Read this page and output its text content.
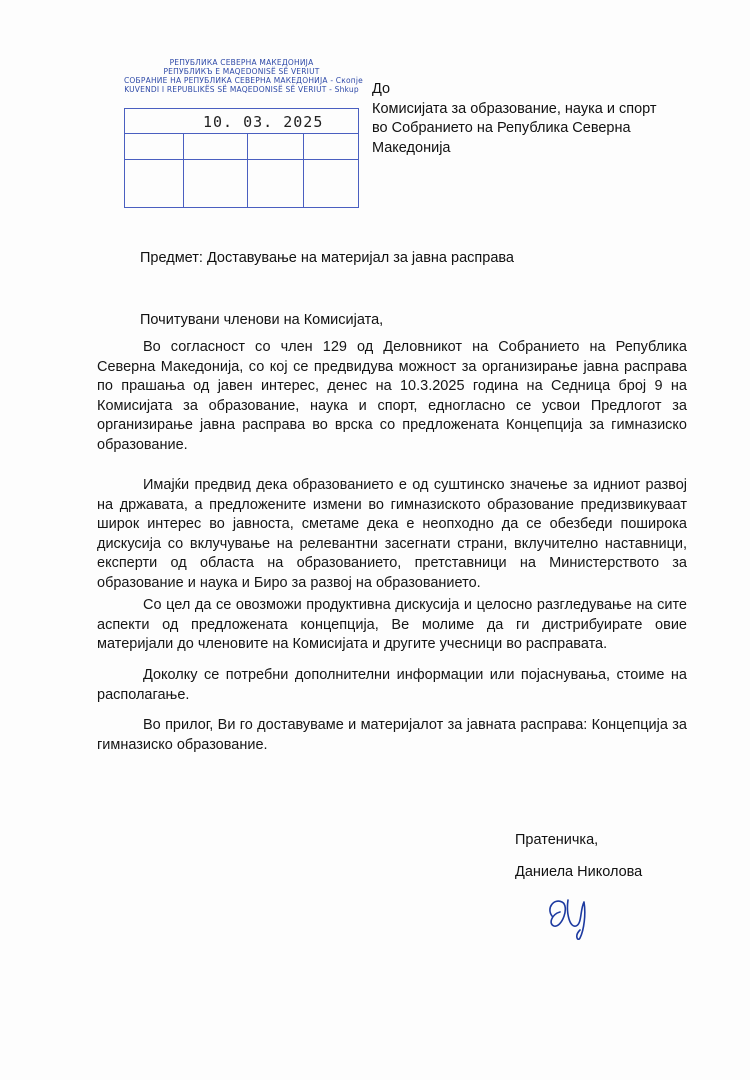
РЕПУБЛИКА СЕВЕРНА МАКЕДОНИЈА
РЕПУБЛИКЪ E MAQEDONISË SË VERIUT
СОБРАНИЕ НА РЕПУБЛИКА СЕВЕРНА МАКЕДОНИЈА - Скопје
KUVENDI I REPUBLIKËS SË MAQEDONISË SË VERIUT - Shkup
10. 03. 2025
До
Комисијата за образование, наука и спорт
во Собранието на Република Северна
Македонија
Предмет: Доставување на материјал за јавна расправа
Почитувани членови на Комисијата,
Во согласност со член 129 од Деловникот на Собранието на Република Северна Македонија, со кој се предвидува можност за организирање јавна расправа по прашања од јавен интерес, денес на 10.3.2025 година на Седница број 9 на Комисијата за образование, наука и спорт, едногласно се усвои Предлогот за организирање јавна расправа во врска со предложената Концепција за гимназиско образование.
Имајќи предвид дека образованието е од суштинско значење за идниот развој на државата, а предложените измени во гимназиското образование предизвикуваат широк интерес во јавноста, сметаме дека е неопходно да се обезбеди поширока дискусија со вклучување на релевантни засегнати страни, вклучително наставници, експерти од областа на образованието, претставници на Министерството за образование и наука и Биро за развој на образованието.
Со цел да се овозможи продуктивна дискусија и целосно разгледување на сите аспекти од предложената концепција, Ве молиме да ги дистрибуирате овие материјали до членовите на Комисијата и другите учесници во расправата.
Доколку се потребни дополнителни информации или појаснувања, стоиме на располагање.
Во прилог, Ви го доставуваме и материјалот за јавната расправа: Концепција за гимназиско образование.
Пратеничка,
Даниела Николова
